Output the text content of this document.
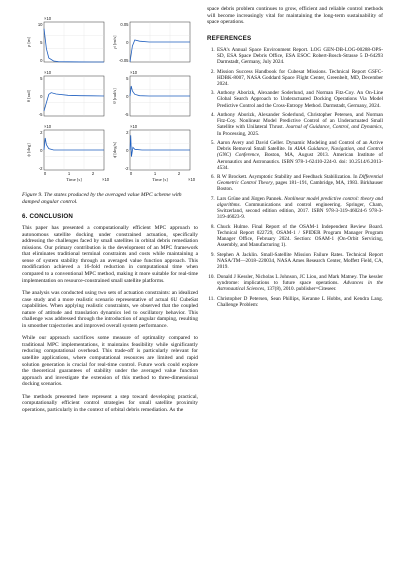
10
5
0
×10
ρ [m]
0.05
0
-0.05
ρ̇ [m/s]
5
0
-5
×10
θ [rad]
5
0
-5
×10
θ̇ [rad/s]
2
0
-2
×10
ϕ [deg]
0	1	2
Time [s]	×10
2
0
-2
×10
ϕ̇ [deg/s]
0	1	2
Time [s]	×10
Figure 9. The states produced by the averaged value MPC scheme with damped angular control.
6. CONCLUSION

This paper has presented a computationally efficient MPC approach to autonomous satellite docking under constrained actuation, specifically addressing the challenges faced by small satellites in orbital debris remediation missions. Our primary contribution is the development of an MPC framework that eliminates traditional terminal constraints and costs while maintaining a sense of system stability through an averaged value function approach. This modification achieved a 16-fold reduction in computational time when compared to a conventional MPC method, making it more suitable for real-time implementation on resource-constrained small satellite platforms.

The analysis was conducted using two sets of actuation constraints: an idealized case study and a more realistic scenario representative of actual 6U CubeSat capabilities. When applying realistic constraints, we observed that the coupled nature of attitude and translation dynamics led to oscillatory behavior. This challenge was addressed through the introduction of angular damping, resulting in smoother trajectories and improved overall system performance.

While our approach sacrifices some measure of optimality compared to traditional MPC implementations, it maintains feasibility while significantly reducing computational overhead. This trade-off is particularly relevant for satellite applications, where computational resources are limited and rapid solution generation is crucial for real-time control. Future work could explore the theoretical guarantees of stability under the averaged value function approach and investigate the extension of this method to three-dimensional docking scenarios.

The methods presented here represent a step toward developing practical, computationally efficient control strategies for small satellite proximity operations, particularly in the context of orbital debris remediation. As the

space debris problem continues to grow, efficient and reliable control methods will become increasingly vital for maintaining the long-term sustainability of space operations.

REFERENCES
1. ESA’s Annual Space Environment Report. LOG GEN-DB-LOG-00288-OPS-SD, ESA Space Debris Office, ESA ESOC Robert-Bosch-Strasse 5 D-64293 Darmstadt, Germany, July 2024.
2. Mission Success Handbook for Cubesat Missions. Technical Report GSFC-HDBK-8007, NASA Goddard Space Flight Center, Greenbelt, MD, December 2024.
3. Anthony Aborizk, Alexander Soderlund, and Norman Fitz-Coy. An On-Line Global Search Approach to Underactuated Docking Operations Via Model Predictive Control and the Cross-Entropy Method. Darmstadt, Germany, 2024.
4. Anthony Aborizk, Alexander Soderlund, Christopher Petersen, and Norman Fitz-Coy. Nonlinear Model Predictive Control of an Underactuated Small Satellite with Unilateral Thrust. Journal of Guidance, Control, and Dynamics, In Processing, 2025.
5. Aaron Avery and David Geller. Dynamic Modeling and Control of an Active Debris Removal Small Satellite. In AIAA Guidance, Navigation, and Control (GNC) Conference, Boston, MA, August 2013. American Institute of Aeronautics and Astronautics. ISBN 978-1-62410-224-0. doi: 10.2514/6.2013-4534.
6. R W Brockett. Asymptotic Stability and Feedback Stabilization. In Differential Geometric Control Theory, pages 181–191, Cambridge, MA, 1983. Birkhauser Boston.
7. Lars Grüne and Jürgen Pannek. Nonlinear model predictive control: theory and algorithms. Communications and control engineering. Springer, Cham, Switzerland, second edition edition, 2017. ISBN 978-3-319-46024-6 978-3-319-46023-9.
8. Chuck Hulme. Final Report of the OSAM-1 Independent Review Board. Technical Report 022729, OSAM-1 / SPIDER Program Manager Program Manager Office, February 2024. Section: OSAM-1 (On-Orbit Servicing, Assembly, and Manufacturing 1).
9. Stephen A Jacklin. Small-Satellite Mission Failure Rates. Technical Report NASA/TM—2018–220034, NASA Ames Research Center, Moffett Field, CA, 2019.
10. Donald J Kessler, Nicholas L Johnson, JC Liou, and Mark Matney. The kessler syndrome: implications to future space operations. Advances in the Astronautical Sciences, 137(8), 2010. publisher=Citeseer.
11. Christopher D Petersen, Sean Phillips, Keranne L Hobbs, and Kendra Lang. Challenge Problem:
